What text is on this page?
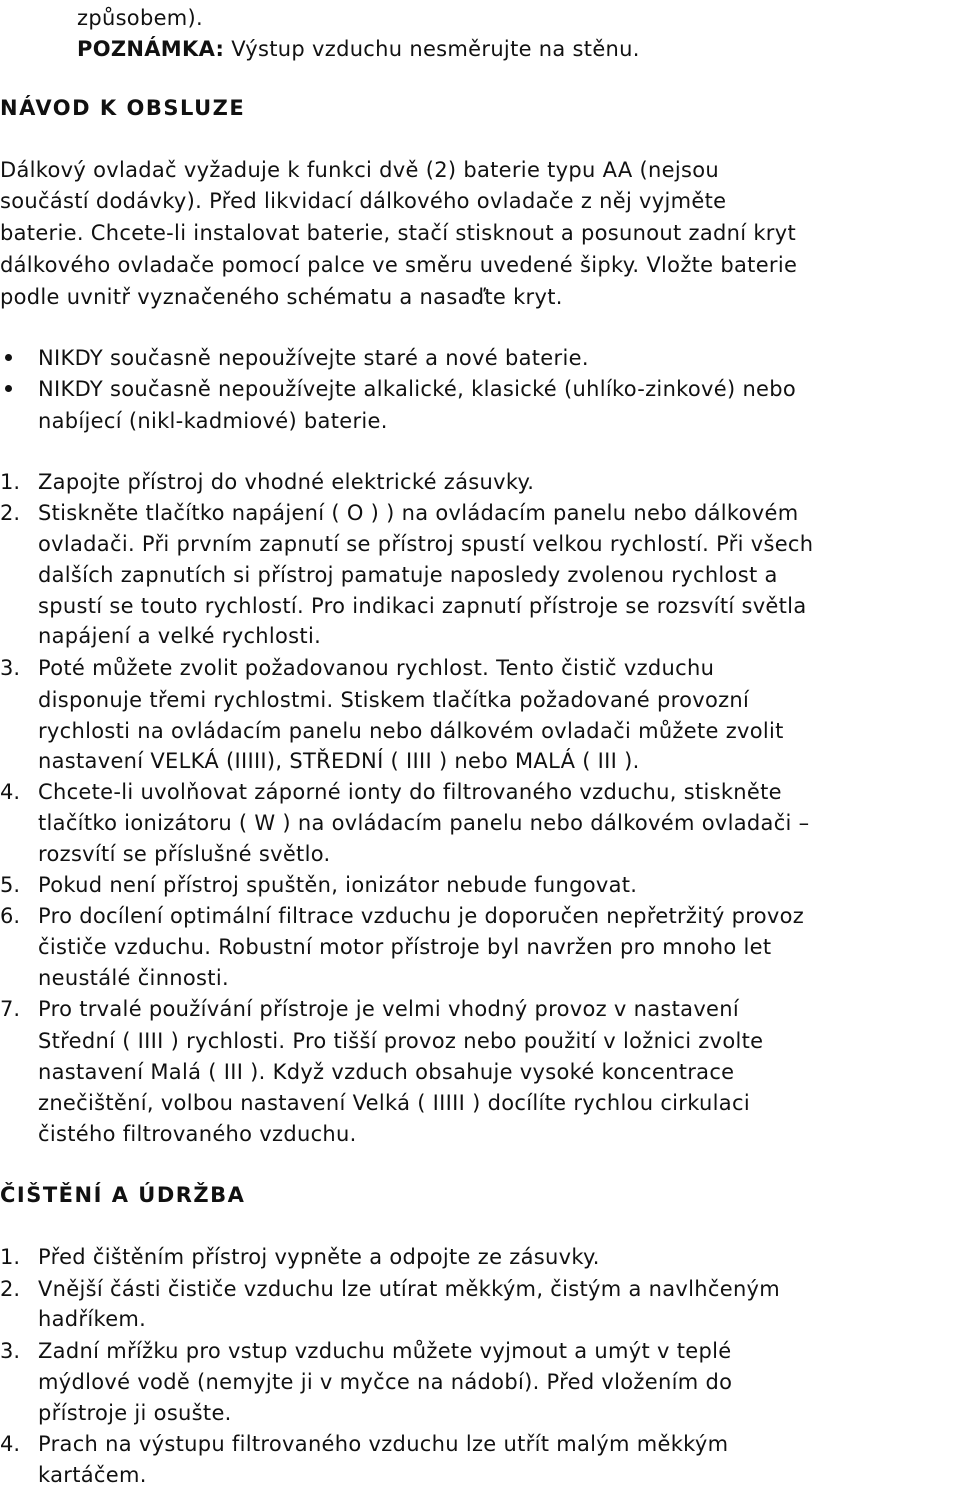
způsobem).
POZNÁMKA: Výstup vzduchu nesměrujte na stěnu.
NÁVOD K OBSLUZE
Dálkový ovladač vyžaduje k funkci dvě (2) baterie typu AA (nejsou
součástí dodávky). Před likvidací dálkového ovladače z něj vyjměte
baterie. Chcete-li instalovat baterie, stačí stisknout a posunout zadní kryt
dálkového ovladače pomocí palce ve směru uvedené šipky. Vložte baterie
podle uvnitř vyznačeného schématu a nasaďte kryt.
NIKDY současně nepoužívejte staré a nové baterie.
NIKDY současně nepoužívejte alkalické, klasické (uhlíko-zinkové) nebo
nabíjecí (nikl-kadmiové) baterie.
1. Zapojte přístroj do vhodné elektrické zásuvky.
2. Stiskněte tlačítko napájení ( O ) ) na ovládacím panelu nebo dálkovém
ovladači. Při prvním zapnutí se přístroj spustí velkou rychlostí. Při všech
dalších zapnutích si přístroj pamatuje naposledy zvolenou rychlost a
spustí se touto rychlostí. Pro indikaci zapnutí přístroje se rozsvítí světla
napájení a velké rychlosti.
3. Poté můžete zvolit požadovanou rychlost. Tento čistič vzduchu
disponuje třemi rychlostmi. Stiskem tlačítka požadované provozní
rychlosti na ovládacím panelu nebo dálkovém ovladači můžete zvolit
nastavení VELKÁ (IIIII), STŘEDNÍ ( IIII ) nebo MALÁ ( III ).
4. Chcete-li uvolňovat záporné ionty do filtrovaného vzduchu, stiskněte
tlačítko ionizátoru ( W ) na ovládacím panelu nebo dálkovém ovladači –
rozsvítí se příslušné světlo.
5. Pokud není přístroj spuštěn, ionizátor nebude fungovat.
6. Pro docílení optimální filtrace vzduchu je doporučen nepřetržitý provoz
čističe vzduchu. Robustní motor přístroje byl navržen pro mnoho let
neustálé činnosti.
7. Pro trvalé používání přístroje je velmi vhodný provoz v nastavení
Střední ( IIII ) rychlosti. Pro tišší provoz nebo použití v ložnici zvolte
nastavení Malá ( III ). Když vzduch obsahuje vysoké koncentrace
znečištění, volbou nastavení Velká ( IIIII ) docílíte rychlou cirkulaci
čistého filtrovaného vzduchu.
ČIŠTĚNÍ A ÚDRŽBA
1. Před čištěním přístroj vypněte a odpojte ze zásuvky.
2. Vnější části čističe vzduchu lze utírat měkkým, čistým a navlhčeným
hadříkem.
3. Zadní mřížku pro vstup vzduchu můžete vyjmout a umýt v teplé
mýdlové vodě (nemyjte ji v myčce na nádobí). Před vložením do
přístroje ji osušte.
4. Prach na výstupu filtrovaného vzduchu lze utřít malým měkkým
kartáčem.
